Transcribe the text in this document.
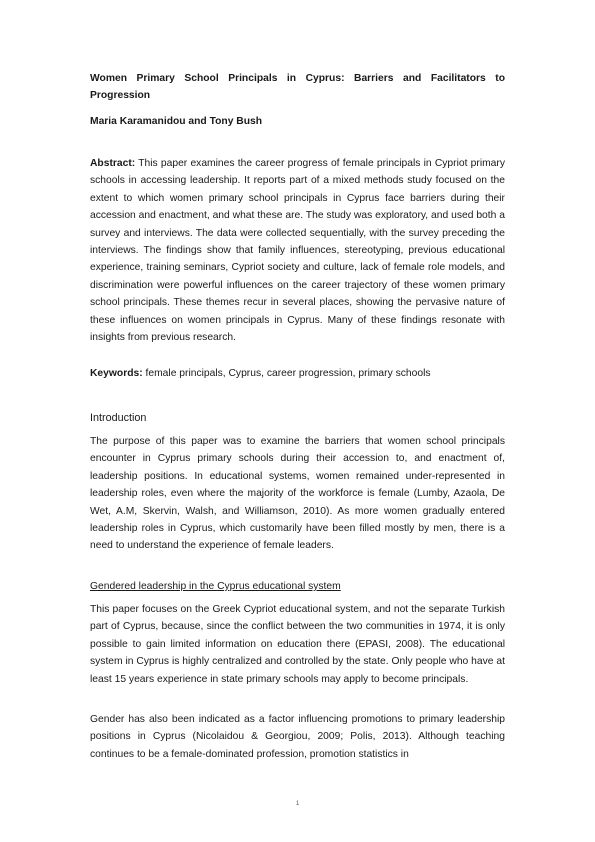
Women Primary School Principals in Cyprus: Barriers and Facilitators to Progression

Maria Karamanidou and Tony Bush

Abstract: This paper examines the career progress of female principals in Cypriot primary schools in accessing leadership. It reports part of a mixed methods study focused on the extent to which women primary school principals in Cyprus face barriers during their accession and enactment, and what these are. The study was exploratory, and used both a survey and interviews. The data were collected sequentially, with the survey preceding the interviews. The findings show that family influences, stereotyping, previous educational experience, training seminars, Cypriot society and culture, lack of female role models, and discrimination were powerful influences on the career trajectory of these women primary school principals. These themes recur in several places, showing the pervasive nature of these influences on women principals in Cyprus. Many of these findings resonate with insights from previous research.

Keywords: female principals, Cyprus, career progression, primary schools

Introduction

The purpose of this paper was to examine the barriers that women school principals encounter in Cyprus primary schools during their accession to, and enactment of, leadership positions. In educational systems, women remained under-represented in leadership roles, even where the majority of the workforce is female (Lumby, Azaola, De Wet, A.M, Skervin, Walsh, and Williamson, 2010). As more women gradually entered leadership roles in Cyprus, which customarily have been filled mostly by men, there is a need to understand the experience of female leaders.

Gendered leadership in the Cyprus educational system

This paper focuses on the Greek Cypriot educational system, and not the separate Turkish part of Cyprus, because, since the conflict between the two communities in 1974, it is only possible to gain limited information on education there (EPASI, 2008). The educational system in Cyprus is highly centralized and controlled by the state. Only people who have at least 15 years experience in state primary schools may apply to become principals.

Gender has also been indicated as a factor influencing promotions to primary leadership positions in Cyprus (Nicolaidou & Georgiou, 2009; Polis, 2013). Although teaching continues to be a female-dominated profession, promotion statistics in

1
